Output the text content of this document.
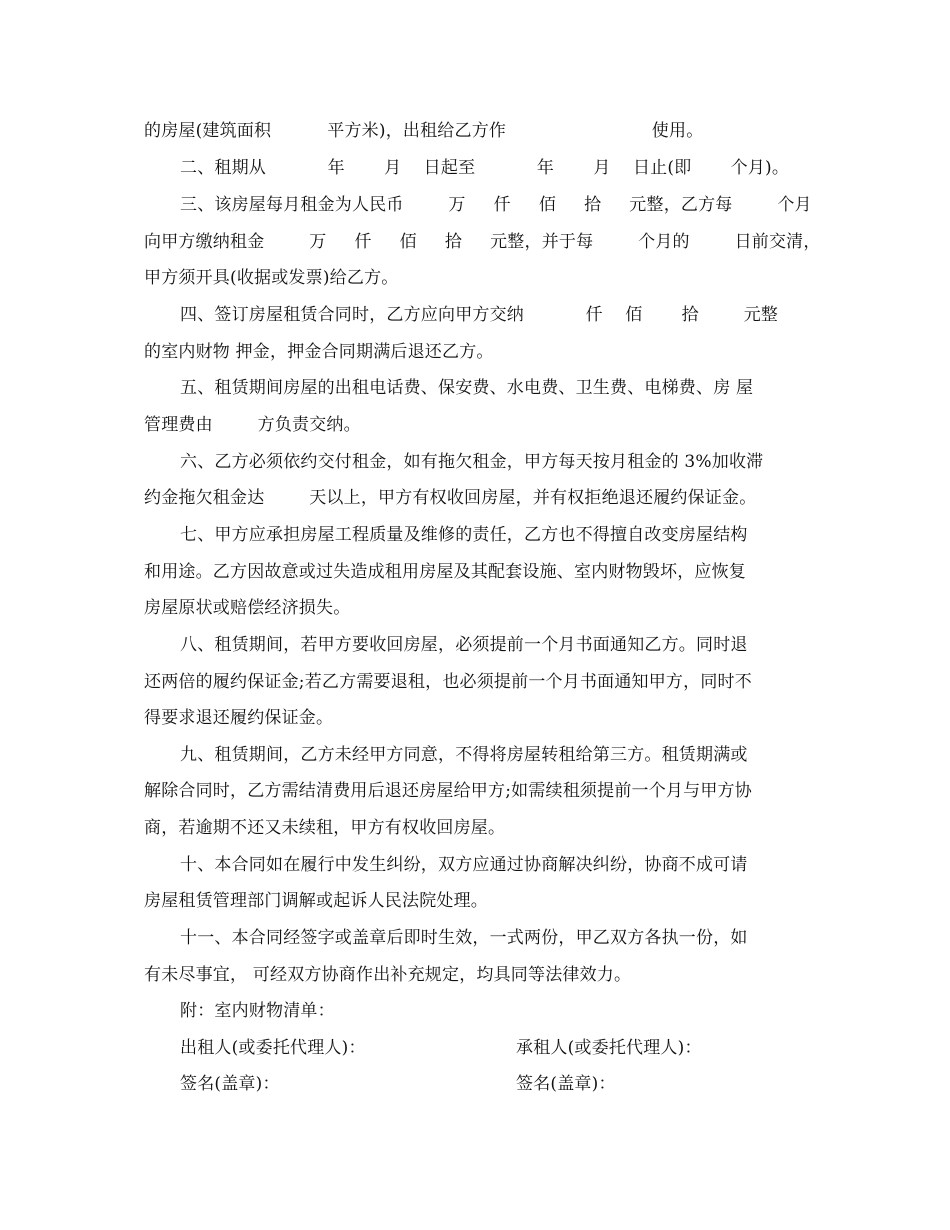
的房屋(建筑面积          平方米)，出租给乙方作                          使用。
二、租期从           年       月    日起至           年       月    日止(即       个月)。
三、该房屋每月租金为人民币        万     仟     佰     拾     元整，乙方每        个月
向甲方缴纳租金        万     仟     佰     拾     元整，并于每        个月的        日前交清，
甲方须开具(收据或发票)给乙方。
四、签订房屋租赁合同时，乙方应向甲方交纳           仟    佰       拾        元整
的室内财物 押金，押金合同期满后退还乙方。
五、租赁期间房屋的出租电话费、保安费、水电费、卫生费、电梯费、房 屋
管理费由        方负责交纳。
六、乙方必须依约交付租金，如有拖欠租金，甲方每天按月租金的 3%加收滞
约金拖欠租金达        天以上，甲方有权收回房屋，并有权拒绝退还履约保证金。
七、甲方应承担房屋工程质量及维修的责任，乙方也不得擅自改变房屋结构
和用途。乙方因故意或过失造成租用房屋及其配套设施、室内财物毁坏，应恢复
房屋原状或赔偿经济损失。
八、租赁期间，若甲方要收回房屋，必须提前一个月书面通知乙方。同时退
还两倍的履约保证金;若乙方需要退租，也必须提前一个月书面通知甲方，同时不
得要求退还履约保证金。
九、租赁期间，乙方未经甲方同意，不得将房屋转租给第三方。租赁期满或
解除合同时，乙方需结清费用后退还房屋给甲方;如需续租须提前一个月与甲方协
商，若逾期不还又未续租，甲方有权收回房屋。
十、本合同如在履行中发生纠纷，双方应通过协商解决纠纷，协商不成可请
房屋租赁管理部门调解或起诉人民法院处理。
十一、本合同经签字或盖章后即时生效，一式两份，甲乙双方各执一份，如
有未尽事宜， 可经双方协商作出补充规定，均具同等法律效力。
附：室内财物清单：
出租人(或委托代理人)：	承租人(或委托代理人)：
签名(盖章)：	签名(盖章)：
